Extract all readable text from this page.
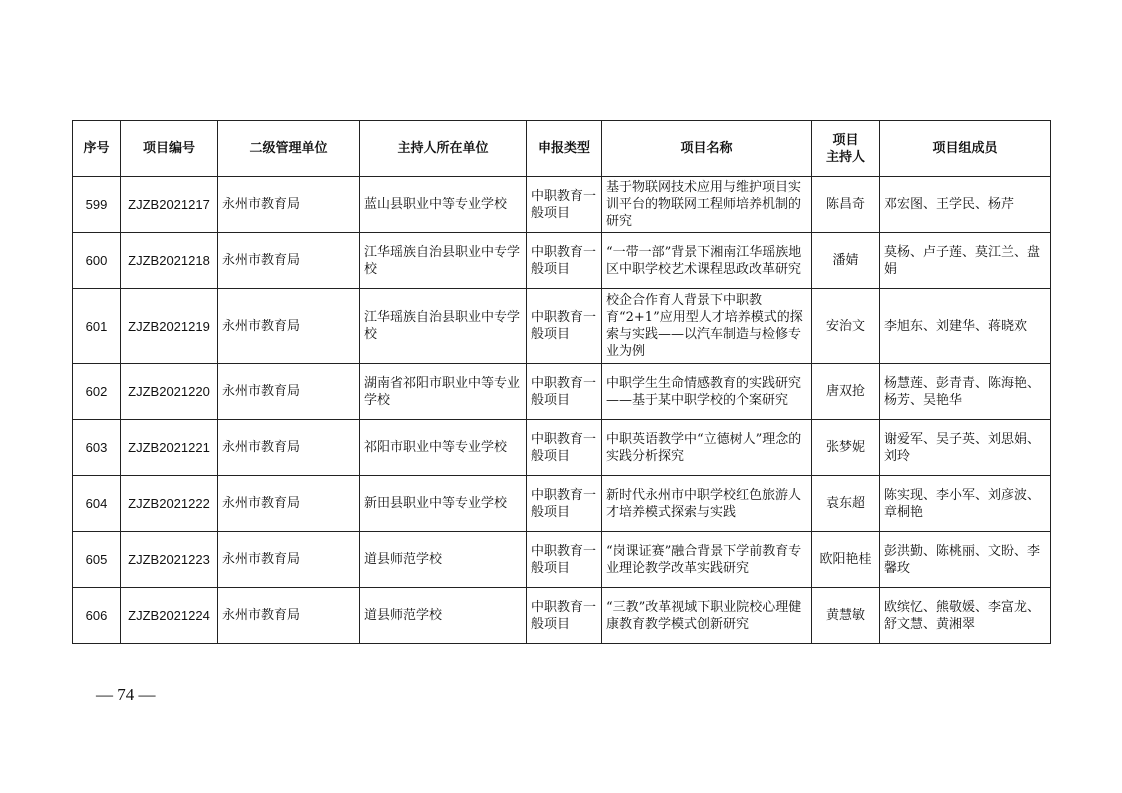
序号	项目编号	二级管理单位	主持人所在单位	申报类型	项目名称	项目
主持人	项目组成员
599	ZJZB2021217	永州市教育局	蓝山县职业中等专业学校	中职教育一般项目	基于物联网技术应用与维护项目实训平台的物联网工程师培养机制的研究	陈昌奇	邓宏图、王学民、杨芹
600	ZJZB2021218	永州市教育局	江华瑶族自治县职业中专学校	中职教育一般项目	“一带一部”背景下湘南江华瑶族地区中职学校艺术课程思政改革研究	潘婧	莫杨、卢子莲、莫江兰、盘娟
601	ZJZB2021219	永州市教育局	江华瑶族自治县职业中专学校	中职教育一般项目	校企合作育人背景下中职教育“2+1”应用型人才培养模式的探索与实践——以汽车制造与检修专业为例	安治文	李旭东、刘建华、蒋晓欢
602	ZJZB2021220	永州市教育局	湖南省祁阳市职业中等专业学校	中职教育一般项目	中职学生生命情感教育的实践研究——基于某中职学校的个案研究	唐双抢	杨慧莲、彭青青、陈海艳、杨芳、吴艳华
603	ZJZB2021221	永州市教育局	祁阳市职业中等专业学校	中职教育一般项目	中职英语教学中“立德树人”理念的实践分析探究	张梦妮	谢爱军、吴子英、刘思娟、刘玲
604	ZJZB2021222	永州市教育局	新田县职业中等专业学校	中职教育一般项目	新时代永州市中职学校红色旅游人才培养模式探索与实践	袁东超	陈实现、李小军、刘彦波、章桐艳
605	ZJZB2021223	永州市教育局	道县师范学校	中职教育一般项目	“岗课证赛”融合背景下学前教育专业理论教学改革实践研究	欧阳艳桂	彭洪勤、陈桃丽、文盼、李馨玫
606	ZJZB2021224	永州市教育局	道县师范学校	中职教育一般项目	“三教”改革视域下职业院校心理健康教育教学模式创新研究	黄慧敏	欧缤忆、熊敬媛、李富龙、舒文慧、黄湘翠
— 74 —
